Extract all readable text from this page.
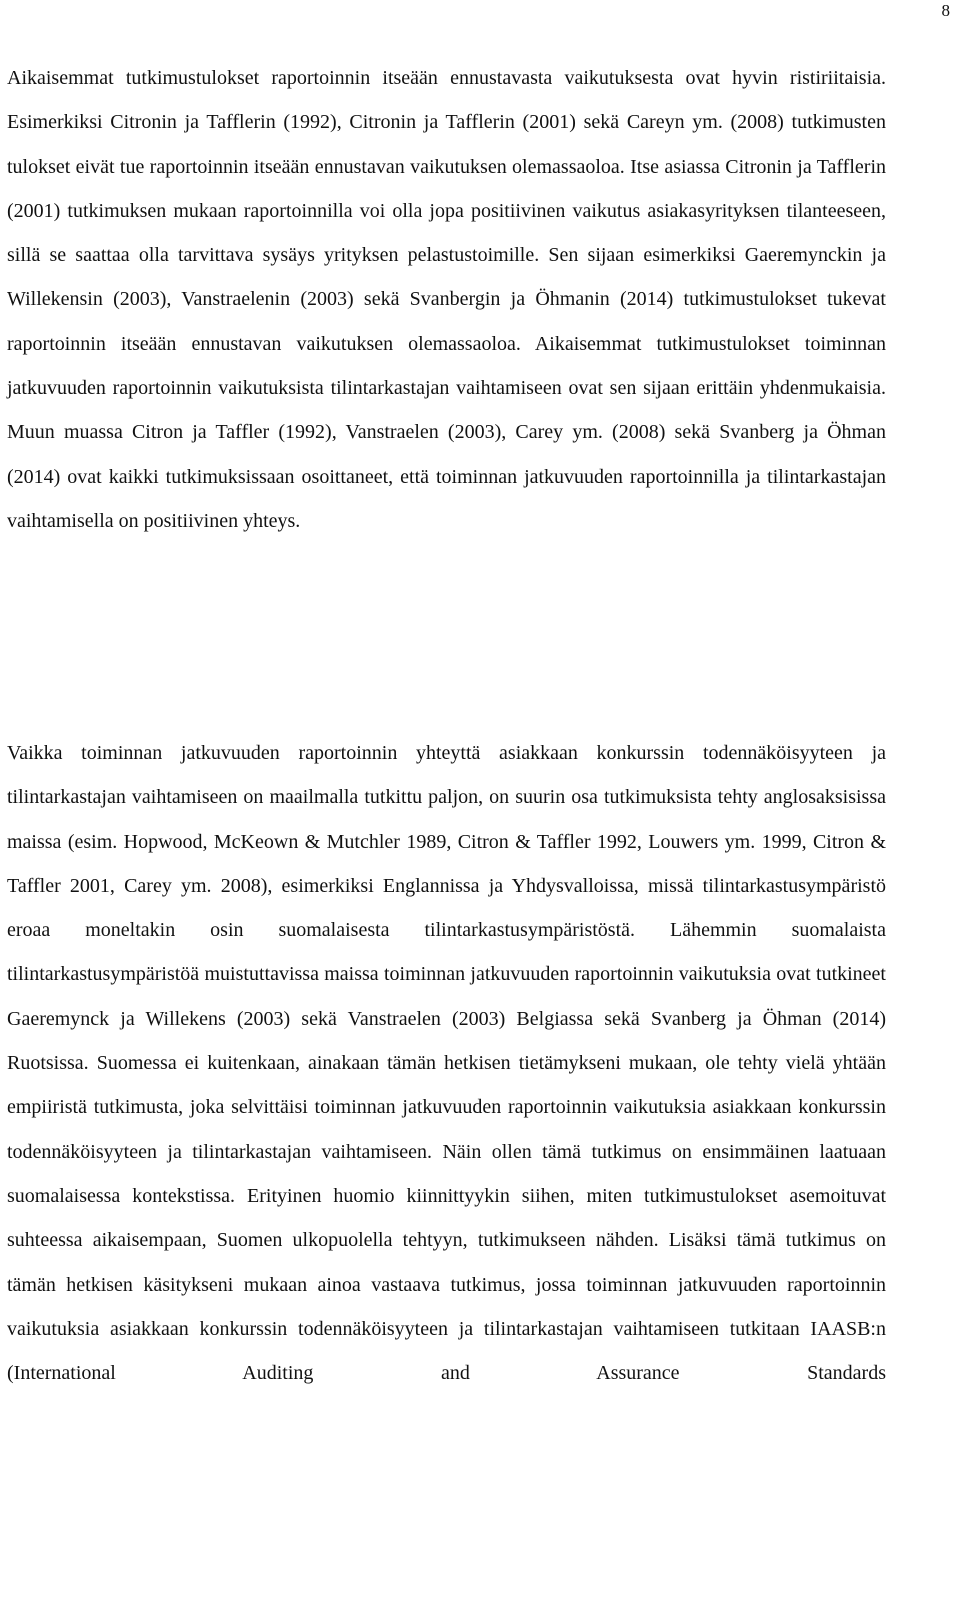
8

Aikaisemmat tutkimustulokset raportoinnin itseään ennustavasta vaikutuksesta ovat hyvin ristiriitaisia. Esimerkiksi Citronin ja Tafflerin (1992), Citronin ja Tafflerin (2001) sekä Careyn ym. (2008) tutkimusten tulokset eivät tue raportoinnin itseään ennustavan vaikutuksen olemassaoloa. Itse asiassa Citronin ja Tafflerin (2001) tutkimuksen mukaan raportoinnilla voi olla jopa positiivinen vaikutus asiakasyrityksen tilanteeseen, sillä se saattaa olla tarvittava sysäys yrityksen pelastustoimille. Sen sijaan esimerkiksi Gaeremynckin ja Willekensin (2003), Vanstraelenin (2003) sekä Svanbergin ja Öhmanin (2014) tutkimustulokset tukevat raportoinnin itseään ennustavan vaikutuksen olemassaoloa. Aikaisemmat tutkimustulokset toiminnan jatkuvuuden raportoinnin vaikutuksista tilintarkastajan vaihtamiseen ovat sen sijaan erittäin yhdenmukaisia. Muun muassa Citron ja Taffler (1992), Vanstraelen (2003), Carey ym. (2008) sekä Svanberg ja Öhman (2014) ovat kaikki tutkimuksissaan osoittaneet, että toiminnan jatkuvuuden raportoinnilla ja tilintarkastajan vaihtamisella on positiivinen yhteys.

Vaikka toiminnan jatkuvuuden raportoinnin yhteyttä asiakkaan konkurssin todennäköisyyteen ja tilintarkastajan vaihtamiseen on maailmalla tutkittu paljon, on suurin osa tutkimuksista tehty anglosaksisissa maissa (esim. Hopwood, McKeown & Mutchler 1989, Citron & Taffler 1992, Louwers ym. 1999, Citron & Taffler 2001, Carey ym. 2008), esimerkiksi Englannissa ja Yhdysvalloissa, missä tilintarkastusympäristö eroaa moneltakin osin suomalaisesta tilintarkastusympäristöstä. Lähemmin suomalaista tilintarkastusympäristöä muistuttavissa maissa toiminnan jatkuvuuden raportoinnin vaikutuksia ovat tutkineet Gaeremynck ja Willekens (2003) sekä Vanstraelen (2003) Belgiassa sekä Svanberg ja Öhman (2014) Ruotsissa. Suomessa ei kuitenkaan, ainakaan tämän hetkisen tietämykseni mukaan, ole tehty vielä yhtään empiiristä tutkimusta, joka selvittäisi toiminnan jatkuvuuden raportoinnin vaikutuksia asiakkaan konkurssin todennäköisyyteen ja tilintarkastajan vaihtamiseen. Näin ollen tämä tutkimus on ensimmäinen laatuaan suomalaisessa kontekstissa. Erityinen huomio kiinnittyykin siihen, miten tutkimustulokset asemoituvat suhteessa aikaisempaan, Suomen ulkopuolella tehtyyn, tutkimukseen nähden. Lisäksi tämä tutkimus on tämän hetkisen käsitykseni mukaan ainoa vastaava tutkimus, jossa toiminnan jatkuvuuden raportoinnin vaikutuksia asiakkaan konkurssin todennäköisyyteen ja tilintarkastajan vaihtamiseen tutkitaan IAASB:n (International Auditing and Assurance Standards
